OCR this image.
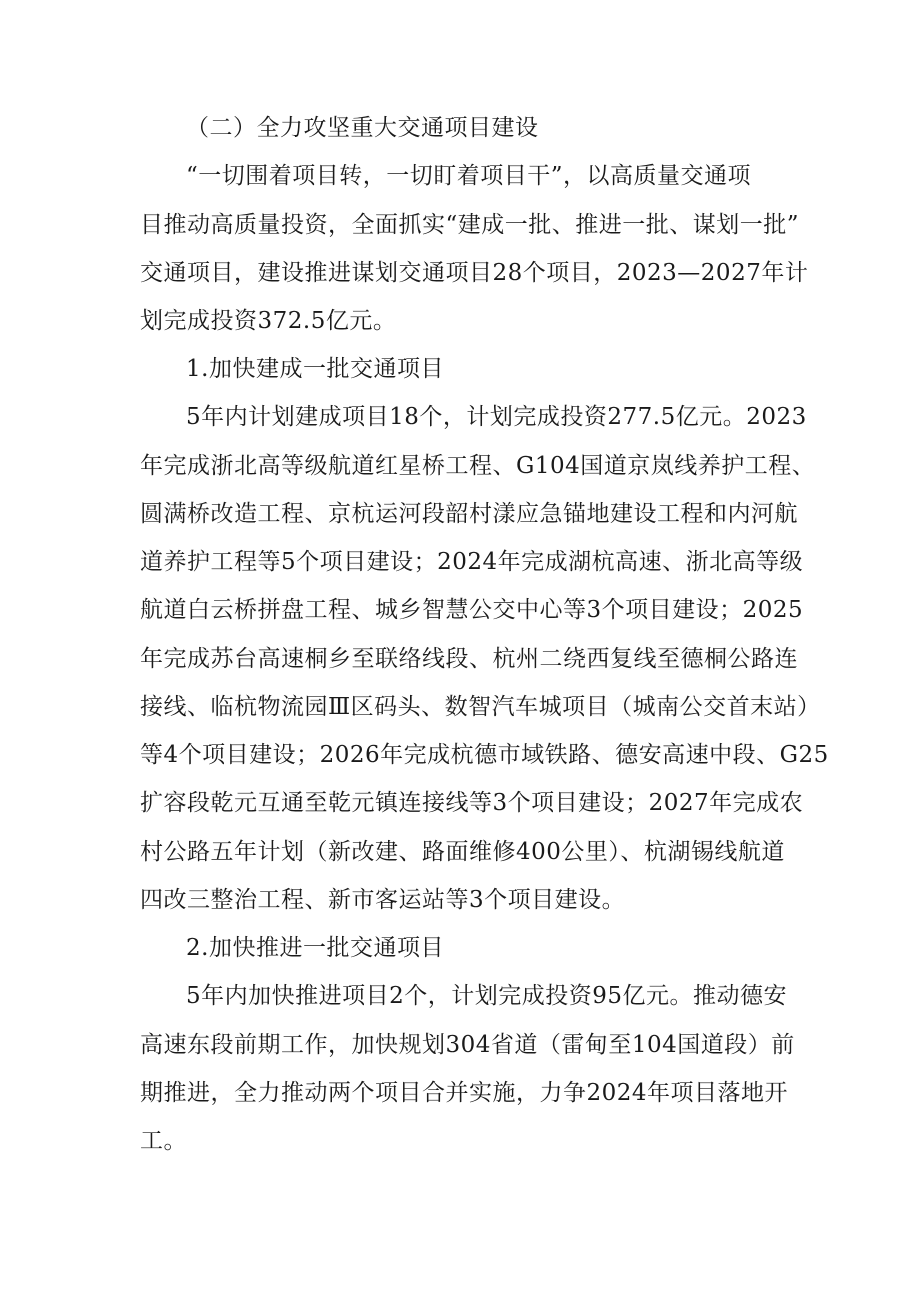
（二）全力攻坚重大交通项目建设
“一切围着项目转，一切盯着项目干”，以高质量交通项
目推动高质量投资，全面抓实“建成一批、推进一批、谋划一批”
交通项目，建设推进谋划交通项目28个项目，2023—2027年计
划完成投资372.5亿元。
1.加快建成一批交通项目
5年内计划建成项目18个，计划完成投资277.5亿元。2023
年完成浙北高等级航道红星桥工程、G104国道京岚线养护工程、
圆满桥改造工程、京杭运河段韶村漾应急锚地建设工程和内河航
道养护工程等5个项目建设；2024年完成湖杭高速、浙北高等级
航道白云桥拼盘工程、城乡智慧公交中心等3个项目建设；2025
年完成苏台高速桐乡至联络线段、杭州二绕西复线至德桐公路连
接线、临杭物流园Ⅲ区码头、数智汽车城项目（城南公交首末站）
等4个项目建设；2026年完成杭德市域铁路、德安高速中段、G25
扩容段乾元互通至乾元镇连接线等3个项目建设；2027年完成农
村公路五年计划（新改建、路面维修400公里）、杭湖锡线航道
四改三整治工程、新市客运站等3个项目建设。
2.加快推进一批交通项目
5年内加快推进项目2个，计划完成投资95亿元。推动德安
高速东段前期工作，加快规划304省道（雷甸至104国道段）前
期推进，全力推动两个项目合并实施，力争2024年项目落地开
工。
